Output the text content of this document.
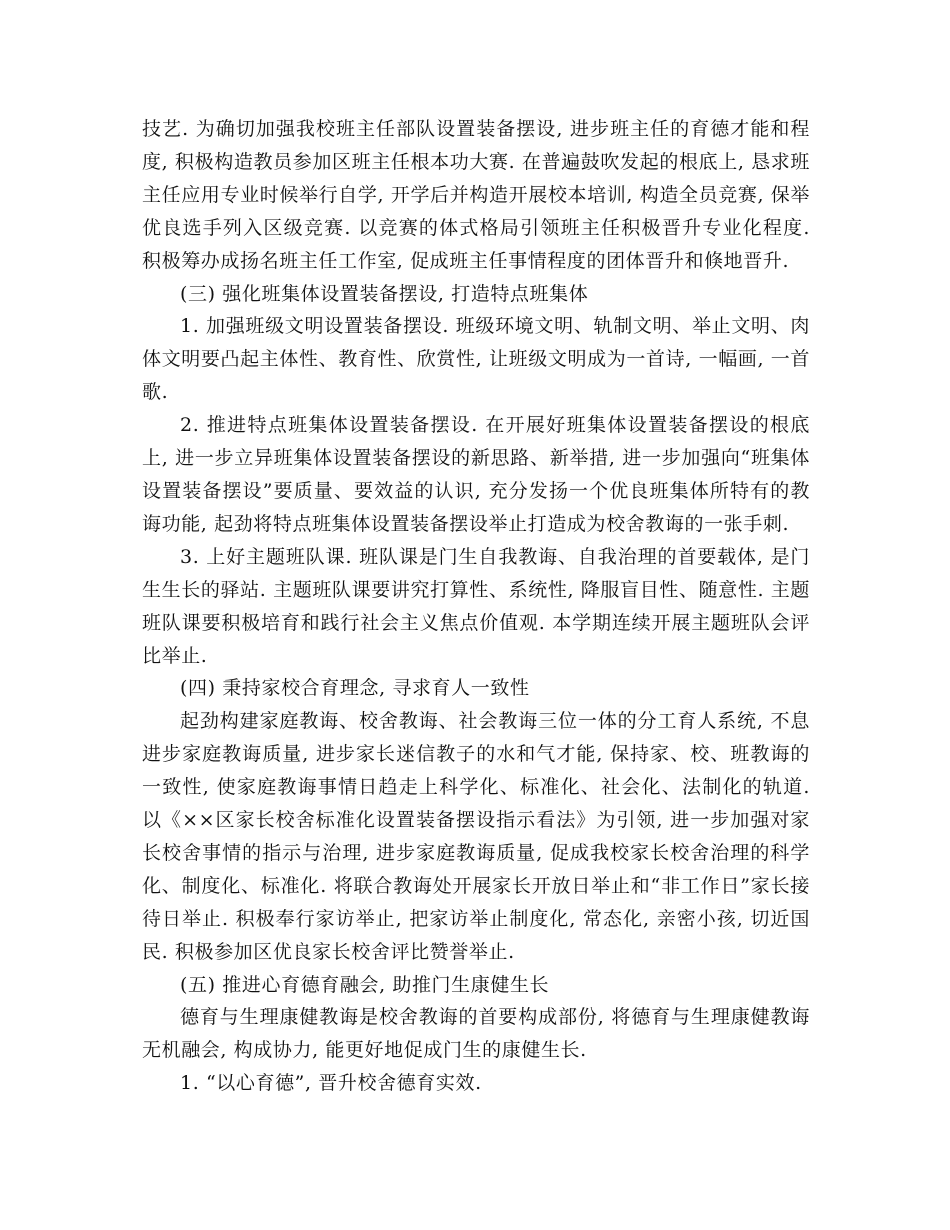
技艺. 为确切加强我校班主任部队设置装备摆设, 进步班主任的育德才能和程度, 积极构造教员参加区班主任根本功大赛. 在普遍鼓吹发起的根底上, 恳求班主任应用专业时候举行自学, 开学后并构造开展校本培训, 构造全员竞赛, 保举优良选手列入区级竞赛. 以竞赛的体式格局引领班主任积极晋升专业化程度. 积极筹办成扬名班主任工作室, 促成班主任事情程度的团体晋升和倏地晋升.

(三) 强化班集体设置装备摆设, 打造特点班集体

1. 加强班级文明设置装备摆设. 班级环境文明、轨制文明、举止文明、肉体文明要凸起主体性、教育性、欣赏性, 让班级文明成为一首诗, 一幅画, 一首歌.

2. 推进特点班集体设置装备摆设. 在开展好班集体设置装备摆设的根底上, 进一步立异班集体设置装备摆设的新思路、新举措, 进一步加强向“班集体设置装备摆设”要质量、要效益的认识, 充分发扬一个优良班集体所特有的教诲功能, 起劲将特点班集体设置装备摆设举止打造成为校舍教诲的一张手刺.

3. 上好主题班队课. 班队课是门生自我教诲、自我治理的首要载体, 是门生生长的驿站. 主题班队课要讲究打算性、系统性, 降服盲目性、随意性. 主题班队课要积极培育和践行社会主义焦点价值观. 本学期连续开展主题班队会评比举止.

(四) 秉持家校合育理念, 寻求育人一致性

起劲构建家庭教诲、校舍教诲、社会教诲三位一体的分工育人系统, 不息进步家庭教诲质量, 进步家长迷信教子的水和气才能, 保持家、校、班教诲的一致性, 使家庭教诲事情日趋走上科学化、标准化、社会化、法制化的轨道. 以《××区家长校舍标准化设置装备摆设指示看法》为引领, 进一步加强对家长校舍事情的指示与治理, 进步家庭教诲质量, 促成我校家长校舍治理的科学化、制度化、标准化. 将联合教诲处开展家长开放日举止和“非工作日”家长接待日举止. 积极奉行家访举止, 把家访举止制度化, 常态化, 亲密小孩, 切近国民. 积极参加区优良家长校舍评比赞誉举止.

(五) 推进心育德育融会, 助推门生康健生长

德育与生理康健教诲是校舍教诲的首要构成部份, 将德育与生理康健教诲无机融会, 构成协力, 能更好地促成门生的康健生长.

1. “以心育德”, 晋升校舍德育实效.
